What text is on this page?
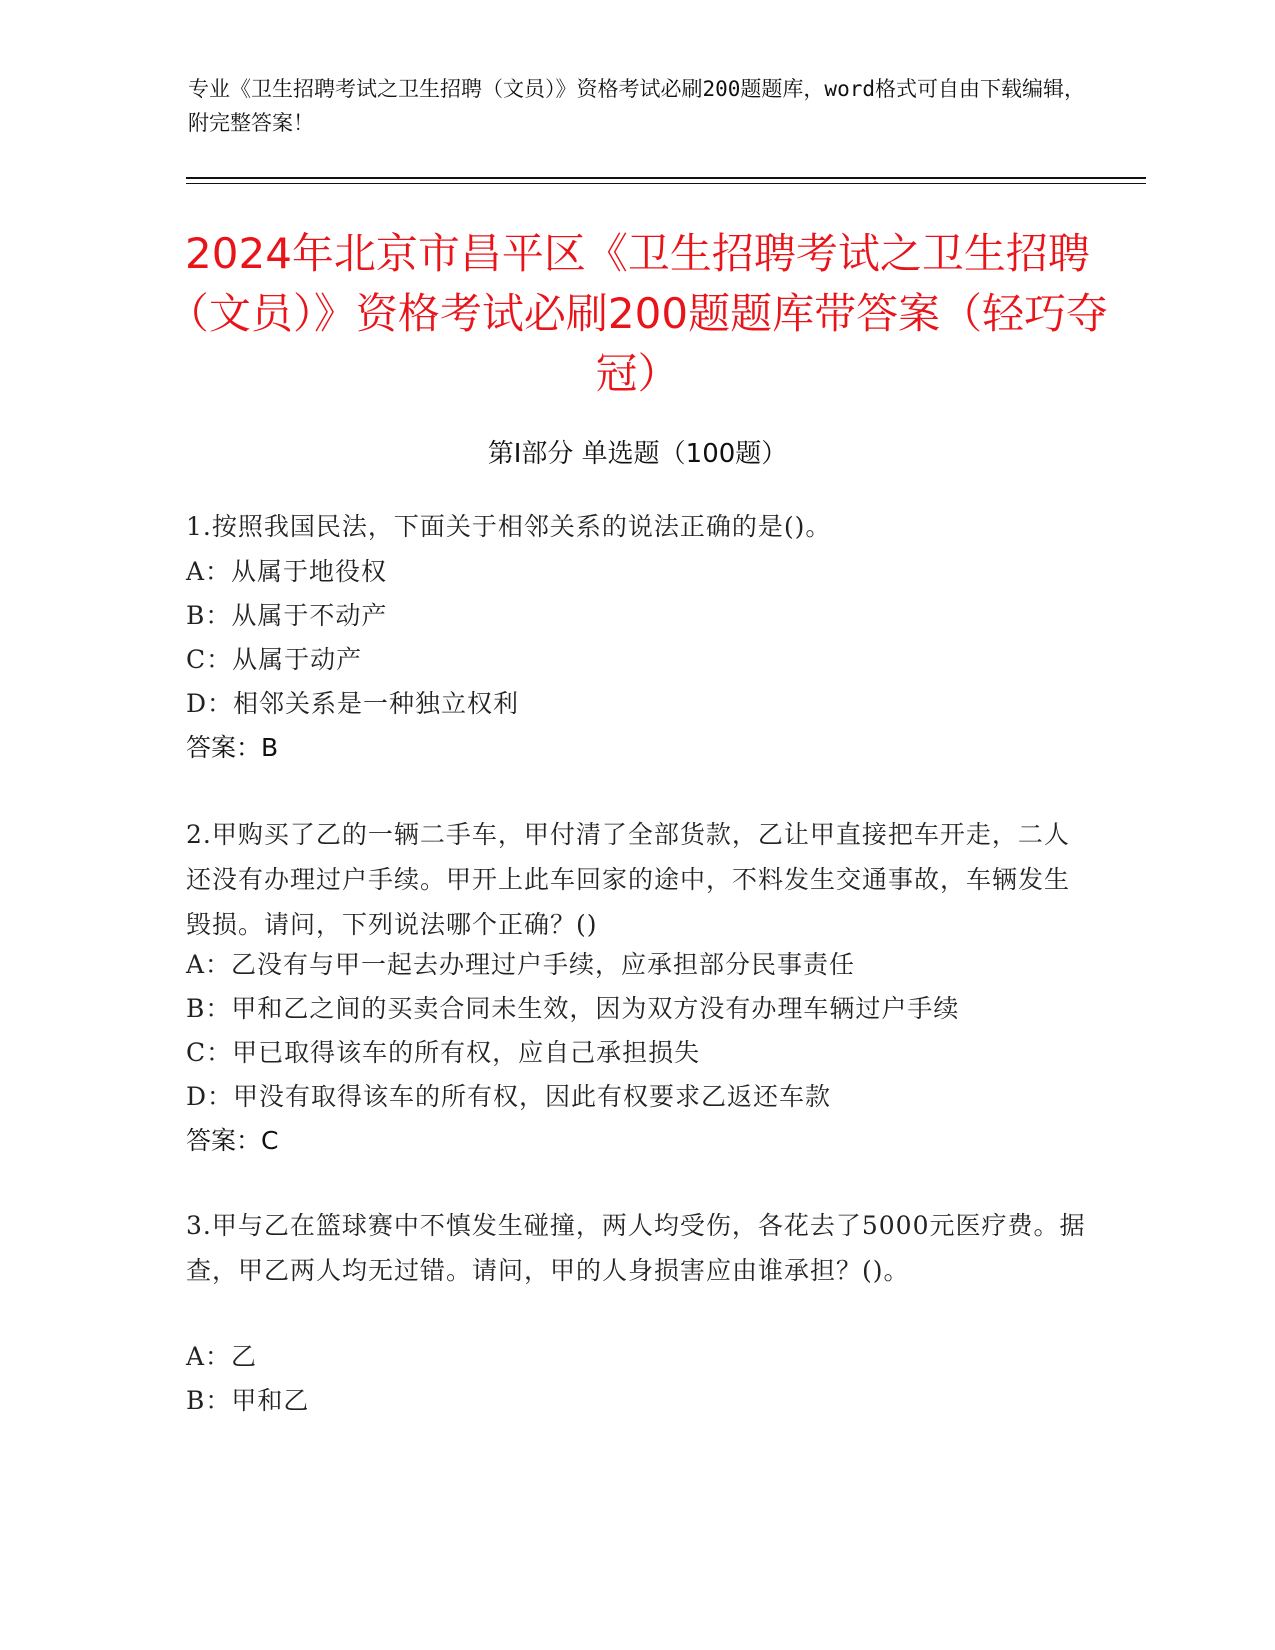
专业《卫生招聘考试之卫生招聘（文员）》资格考试必刷200题题库，word格式可自由下载编辑，附完整答案！
2024年北京市昌平区《卫生招聘考试之卫生招聘（文员）》资格考试必刷200题题库带答案（轻巧夺冠）
第Ⅰ部分 单选题（100题）
1.按照我国民法，下面关于相邻关系的说法正确的是()。
A：从属于地役权
B：从属于不动产
C：从属于动产
D：相邻关系是一种独立权利
答案：B
2.甲购买了乙的一辆二手车，甲付清了全部货款，乙让甲直接把车开走，二人还没有办理过户手续。甲开上此车回家的途中，不料发生交通事故，车辆发生毁损。请问，下列说法哪个正确？()
A：乙没有与甲一起去办理过户手续，应承担部分民事责任
B：甲和乙之间的买卖合同未生效，因为双方没有办理车辆过户手续
C：甲已取得该车的所有权，应自己承担损失
D：甲没有取得该车的所有权，因此有权要求乙返还车款
答案：C
3.甲与乙在篮球赛中不慎发生碰撞，两人均受伤，各花去了5000元医疗费。据查，甲乙两人均无过错。请问，甲的人身损害应由谁承担？()。
A：乙
B：甲和乙
